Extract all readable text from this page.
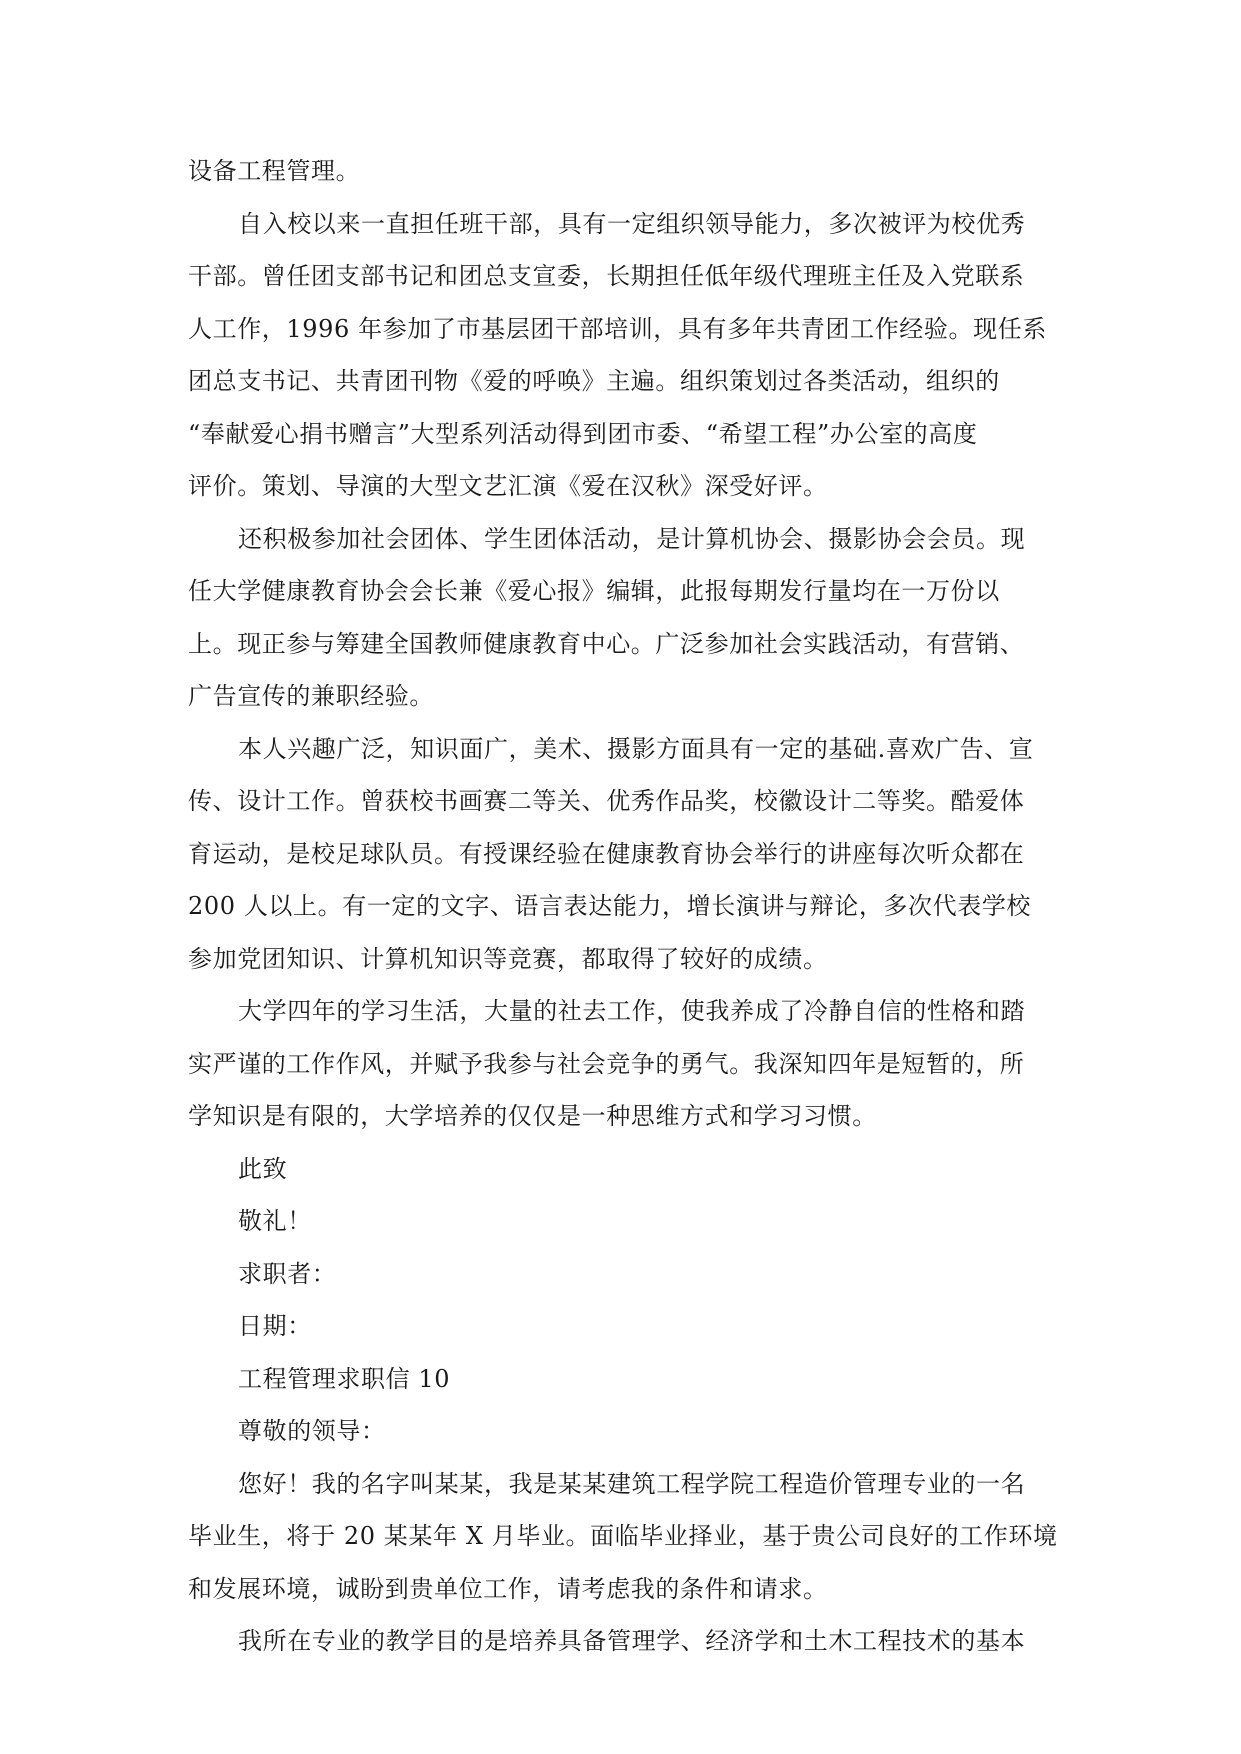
设备工程管理。
自入校以来一直担任班干部，具有一定组织领导能力，多次被评为校优秀
干部。曾任团支部书记和团总支宣委，长期担任低年级代理班主任及入党联系
人工作，1996 年参加了市基层团干部培训，具有多年共青团工作经验。现任系
团总支书记、共青团刊物《爱的呼唤》主遍。组织策划过各类活动，组织的
“奉献爱心捐书赠言”大型系列活动得到团市委、“希望工程”办公室的高度
评价。策划、导演的大型文艺汇演《爱在汉秋》深受好评。
还积极参加社会团体、学生团体活动，是计算机协会、摄影协会会员。现
任大学健康教育协会会长兼《爱心报》编辑，此报每期发行量均在一万份以
上。现正参与筹建全国教师健康教育中心。广泛参加社会实践活动，有营销、
广告宣传的兼职经验。
本人兴趣广泛，知识面广，美术、摄影方面具有一定的基础.喜欢广告、宣
传、设计工作。曾获校书画赛二等关、优秀作品奖，校徽设计二等奖。酷爱体
育运动，是校足球队员。有授课经验在健康教育协会举行的讲座每次听众都在
200 人以上。有一定的文字、语言表达能力，增长演讲与辩论，多次代表学校
参加党团知识、计算机知识等竞赛，都取得了较好的成绩。
大学四年的学习生活，大量的社去工作，使我养成了冷静自信的性格和踏
实严谨的工作作风，并赋予我参与社会竞争的勇气。我深知四年是短暂的，所
学知识是有限的，大学培养的仅仅是一种思维方式和学习习惯。
此致
敬礼！
求职者：
日期：
工程管理求职信 10
尊敬的领导：
您好！我的名字叫某某，我是某某建筑工程学院工程造价管理专业的一名
毕业生，将于 20 某某年 X 月毕业。面临毕业择业，基于贵公司良好的工作环境
和发展环境，诚盼到贵单位工作，请考虑我的条件和请求。
我所在专业的教学目的是培养具备管理学、经济学和土木工程技术的基本
